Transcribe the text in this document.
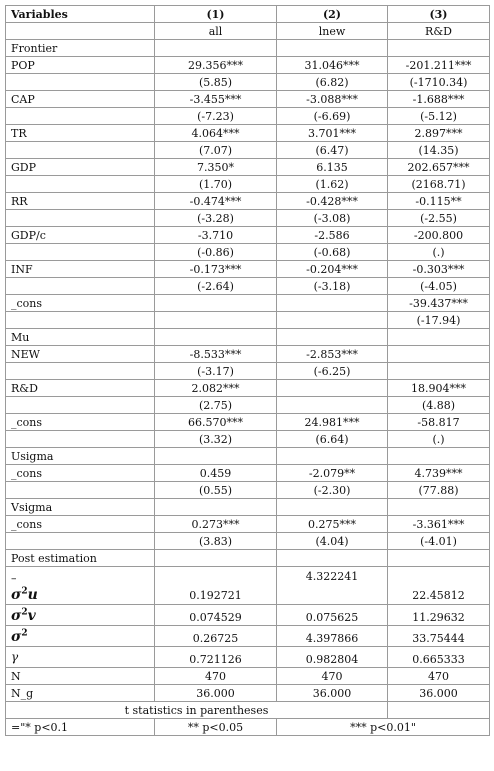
Variables	(1)	(2)	(3)
	all	lnew	R&D
Frontier			
POP	29.356***	31.046***	-201.211***
	(5.85)	(6.82)	(-1710.34)
CAP	-3.455***	-3.088***	-1.688***
	(-7.23)	(-6.69)	(-5.12)
TR	4.064***	3.701***	2.897***
	(7.07)	(6.47)	(14.35)
GDP	7.350*	6.135	202.657***
	(1.70)	(1.62)	(2168.71)
RR	-0.474***	-0.428***	-0.115**
	(-3.28)	(-3.08)	(-2.55)
GDP/c	-3.710	-2.586	-200.800
	(-0.86)	(-0.68)	(.)
INF	-0.173***	-0.204***	-0.303***
	(-2.64)	(-3.18)	(-4.05)
_cons			-39.437***
			(-17.94)
Mu			
NEW	-8.533***	-2.853***	
	(-3.17)	(-6.25)	
R&D	2.082***		18.904***
	(2.75)		(4.88)
_cons	66.570***	24.981***	-58.817
	(3.32)	(6.64)	(.)
Usigma			
_cons	0.459	-2.079**	4.739***
	(0.55)	(-2.30)	(77.88)
Vsigma			
_cons	0.273***	0.275***	-3.361***
	(3.83)	(4.04)	(-4.01)
Post estimation			

–
$\sigma^2u$	0.192721	4.322241	22.45812
$\sigma^2v$	0.074529	0.075625	11.29632
$\sigma^2$	0.26725	4.397866	33.75444
γ	0.721126	0.982804	0.665333
N	470	470	470
N_g	36.000	36.000	36.000
t statistics in parentheses			
="* p<0.1	** p<0.05	*** p<0.01"	
